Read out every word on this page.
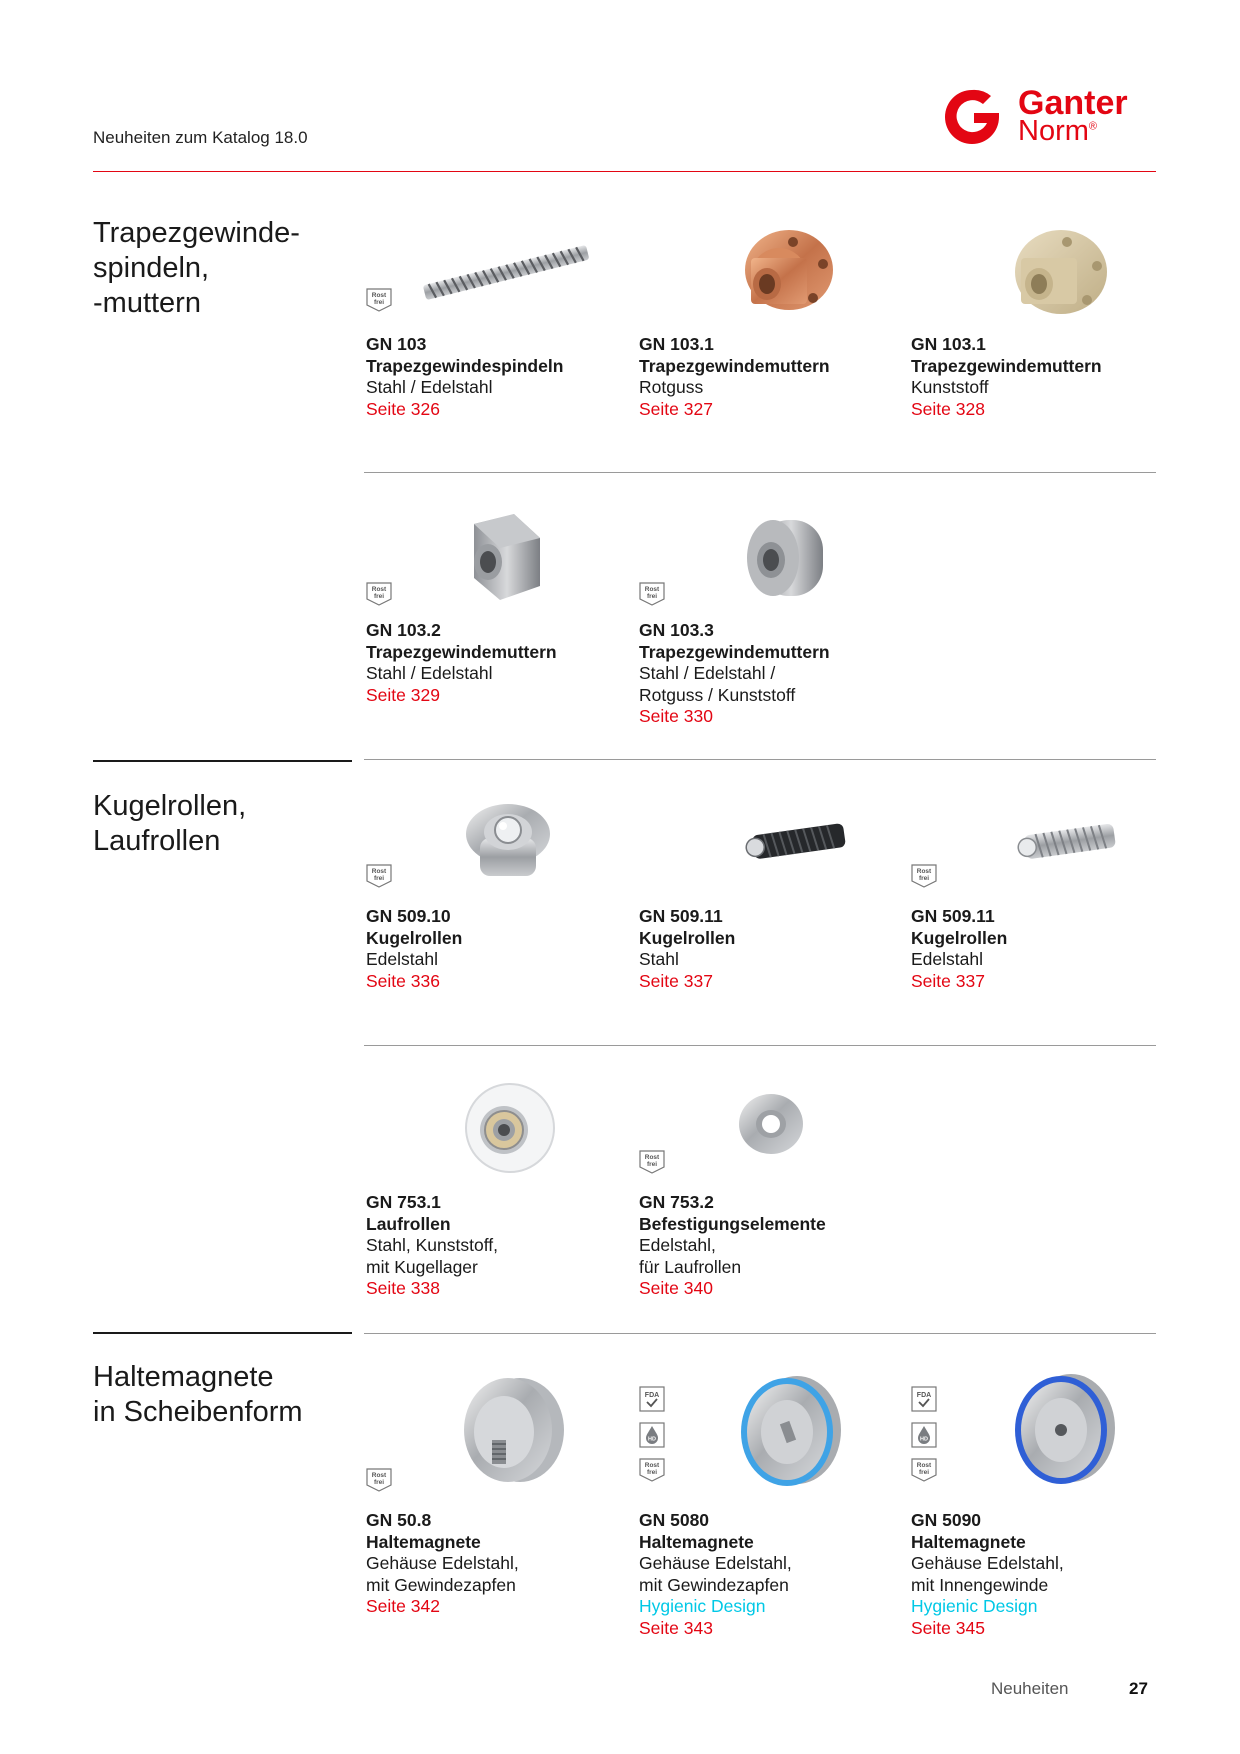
Neuheiten zum Katalog 18.0
Ganter
Norm®
Trapezgewinde-
spindeln,
-muttern
Kugelrollen,
Laufrollen
Haltemagnete
in Scheibenform
Rost
frei
GN 103
Trapezgewindespindeln
Stahl / Edelstahl
Seite 326
GN 103.1
Trapezgewindemuttern
Rotguss
Seite 327
GN 103.1
Trapezgewindemuttern
Kunststoff
Seite 328
Rost
frei
GN 103.2
Trapezgewindemuttern
Stahl / Edelstahl
Seite 329
Rost
frei
GN 103.3
Trapezgewindemuttern
Stahl / Edelstahl /
Rotguss / Kunststoff
Seite 330
Rost
frei
GN 509.10
Kugelrollen
Edelstahl
Seite 336
GN 509.11
Kugelrollen
Stahl
Seite 337
Rost
frei
GN 509.11
Kugelrollen
Edelstahl
Seite 337
GN 753.1
Laufrollen
Stahl, Kunststoff,
mit Kugellager
Seite 338
Rost
frei
GN 753.2
Befestigungselemente
Edelstahl,
für Laufrollen
Seite 340
Rost
frei
GN 50.8
Haltemagnete
Gehäuse Edelstahl,
mit Gewindezapfen
Seite 342
FDA
HD
Rost
frei
GN 5080
Haltemagnete
Gehäuse Edelstahl,
mit Gewindezapfen
Hygienic Design
Seite 343
FDA
HD
Rost
frei
GN 5090
Haltemagnete
Gehäuse Edelstahl,
mit Innengewinde
Hygienic Design
Seite 345
Neuheiten	27
